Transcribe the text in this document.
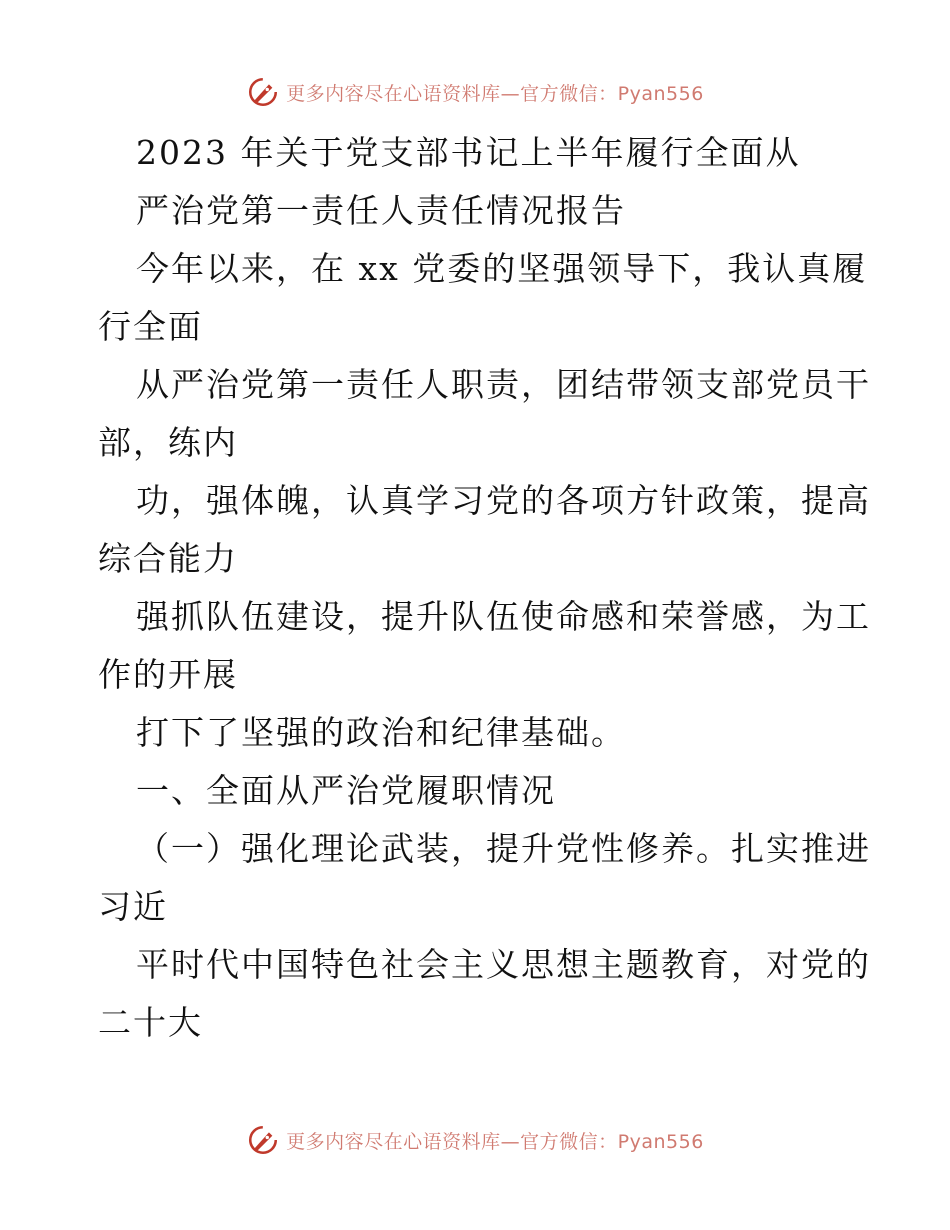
更多内容尽在心语资料库—官方微信：Pyan556
2023 年关于党支部书记上半年履行全面从
严治党第一责任人责任情况报告
今年以来，在 xx 党委的坚强领导下，我认真履
行全面
从严治党第一责任人职责，团结带领支部党员干
部，练内
功，强体魄，认真学习党的各项方针政策，提高
综合能力
强抓队伍建设，提升队伍使命感和荣誉感，为工
作的开展
打下了坚强的政治和纪律基础。
一、全面从严治党履职情况
（一）强化理论武装，提升党性修养。扎实推进
习近
平时代中国特色社会主义思想主题教育，对党的
二十大
更多内容尽在心语资料库—官方微信：Pyan556
